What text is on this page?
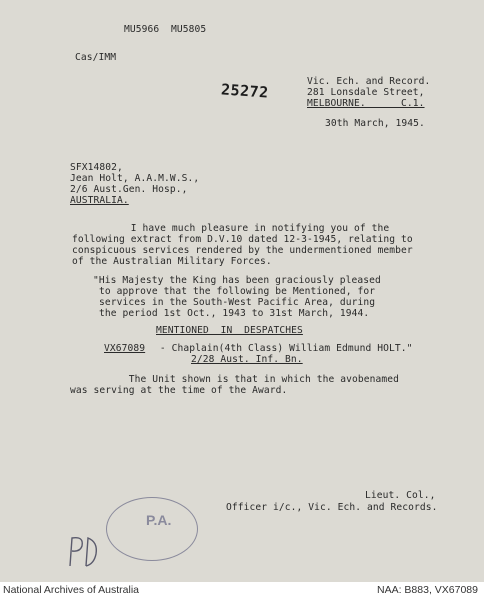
MU5966  MU5805
Cas/IMM
25272	Vic. Ech. and Record.
281 Lonsdale Street,
MELBOURNE.      C.1.
30th March, 1945.
SFX14802,
Jean Holt, A.A.M.W.S.,
2/6 Aust.Gen. Hosp.,
AUSTRALIA.
I have much pleasure in notifying you of the
following extract from D.V.10 dated 12-3-1945, relating to
conspicuous services rendered by the undermentioned member
of the Australian Military Forces.
"His Majesty the King has been graciously pleased
to approve that the following be Mentioned, for
services in the South-West Pacific Area, during
the period 1st Oct., 1943 to 31st March, 1944.
MENTIONED  IN  DESPATCHES
VX67089 - Chaplain(4th Class) William Edmund HOLT."
2/28 Aust. Inf. Bn.
The Unit shown is that in which the avobenamed
was serving at the time of the Award.
Lieut. Col.,
Officer i/c., Vic. Ech. and Records.
P.A.
National Archives of Australia	NAA: B883, VX67089
